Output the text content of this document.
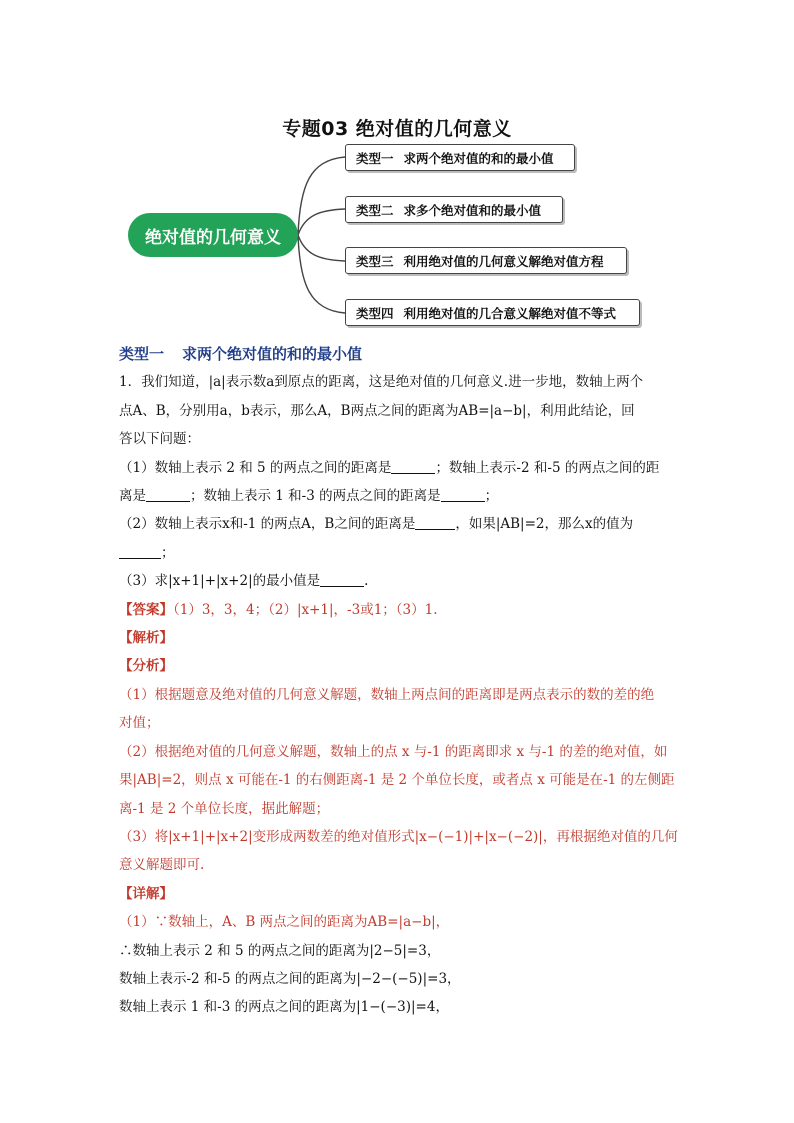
专题03 绝对值的几何意义
绝对值的几何意义
类型一 求两个绝对值的和的最小值
类型二 求多个绝对值和的最小值
类型三 利用绝对值的几何意义解绝对值方程
类型四 利用绝对值的几合意义解绝对值不等式

类型一 求两个绝对值的和的最小值

1．我们知道，|a|表示数a到原点的距离，这是绝对值的几何意义.进一步地，数轴上两个

点A、B，分别用a，b表示，那么A，B两点之间的距离为AB=|a−b|，利用此结论，回

答以下问题：

（1）数轴上表示 2 和 5 的两点之间的距离是	；数轴上表示-2 和-5 的两点之间的距

离是	；数轴上表示 1 和-3 的两点之间的距离是	；

（2）数轴上表示x和-1 的两点A，B之间的距离是	，如果|AB|=2，那么x的值为

；

（3）求|x+1|+|x+2|的最小值是	.

【答案】（1）3，3，4；（2）|x+1|，-3或1；（3）1.

【解析】

【分析】

（1）根据题意及绝对值的几何意义解题，数轴上两点间的距离即是两点表示的数的差的绝

对值；

（2）根据绝对值的几何意义解题，数轴上的点 x 与-1 的距离即求 x 与-1 的差的绝对值，如

果|AB|=2，则点 x 可能在-1 的右侧距离-1 是 2 个单位长度，或者点 x 可能是在-1 的左侧距

离-1 是 2 个单位长度，据此解题；

（3）将|x+1|+|x+2|变形成两数差的绝对值形式|x−(−1)|+|x−(−2)|，再根据绝对值的几何

意义解题即可.

【详解】

（1）∵数轴上，A、B 两点之间的距离为AB=|a−b|，

∴数轴上表示 2 和 5 的两点之间的距离为|2−5|=3，

数轴上表示-2 和-5 的两点之间的距离为|−2−(−5)|=3，

数轴上表示 1 和-3 的两点之间的距离为|1−(−3)|=4，
